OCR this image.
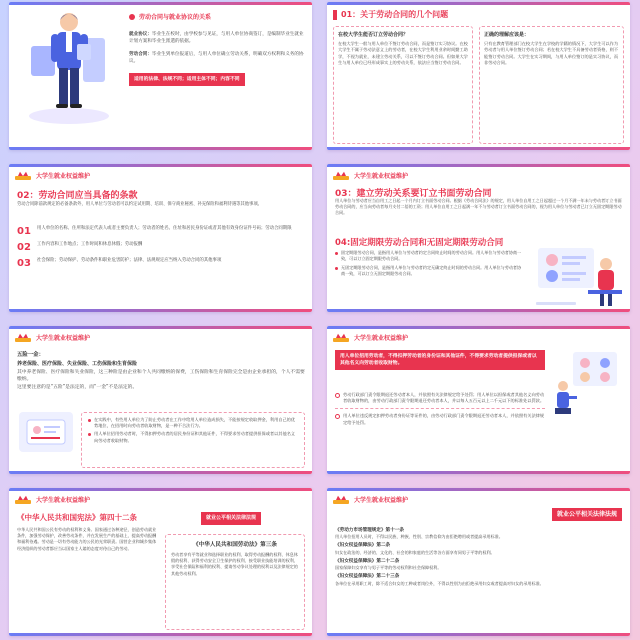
劳动合同与就业协议的关系
就业协议：毕业生在校时，由学校参与见证，与用人单位协商签订，是编制毕业生就业计划方案和毕业生派遣的依据。
劳动合同：毕业生到单位报道后，与用人单位确立劳动关系，明确双方权利和义务的协议。
适用的法律、法规不同；适用主体不同；内容不同
01：关于劳动合同的几个问题
在校大学生能否订立劳动合同？
在校大学生一般与用人单位不签订劳动合同，而是签订实习协议。在校大学生不属于劳动法意义上的劳动者，在校大学生利用业余时间勤工助学，不视为就业，未建立劳动关系，可以不签订劳动合同。但如果大学生与用人单位已经形成事实上的劳动关系，依法应当签订劳动合同。
正确的理解应该是：
只有在教育管理部门在校大学生在学校的学籍的情况下，大学生可以作为劳动者与用人单位签订劳动合同；若在校大学生不具备劳动者资格，则不能签订劳动合同。大学生在实习期间，与用人单位签订的是实习协议，而非劳动合同。
大学生就业权益维护
02：劳动合同应当具备的条款
劳动合同除前款规定的必备条款外，用人单位与劳动者可以约定试用期、培训、保守商业秘密、补充保险和福利待遇等其他事项。
01 用人单位的名称、住所和法定代表人或者主要负责人；劳动者的姓名、住址和居民身份证或者其他有效身份证件号码；劳动合同期限
02 工作内容和工作地点；工作时间和休息休假；劳动报酬
03 社会保险；劳动保护、劳动条件和职业危害防护；法律、法规规定应当纳入劳动合同的其他事项
大学生就业权益维护
03：建立劳动关系要订立书面劳动合同
用人单位与劳动者应当自用工之日起一个月内订立书面劳动合同。根据《劳动合同法》的规定，用人单位自用工之日起超过一个月不满一年未与劳动者订立书面劳动合同的，应当向劳动者每月支付二倍的工资；用人单位自用工之日起满一年不与劳动者订立书面劳动合同的，视为用人单位与劳动者已订立无固定期限劳动合同。
04:固定期限劳动合同和无固定期限劳动合同
固定期限劳动合同，是指用人单位与劳动者约定合同终止时间的劳动合同。用人单位与劳动者协商一致，可以订立固定期限劳动合同。
无固定期限劳动合同，是指用人单位与劳动者约定无确定终止时间的劳动合同。用人单位与劳动者协商一致，可以订立无固定期限劳动合同。
大学生就业权益维护
五险一金：
养老保险、医疗保险、失业保险、工伤保险和生育保险
其中养老保险、医疗保险和失业保险，这三种险是由企业和个人共同缴纳的保费，工伤保险和生育保险完全是由企业承担的，个人不需要缴纳。
这里要注意的是“五险”是法定的，而“一金”不是法定的。
在实践中，有些用人单位为了防止劳动者在工作中给用人单位造成损失，不能按规定收取押金，利用自己的优势地位，在招用时向劳动者收取财物，是一种不合法行为。
用人单位招用劳动者时，不得扣押劳动者的居民身份证和其他证件，不得要求劳动者提供担保或者以其他名义向劳动者收取财物。
大学生就业权益维护
用人单位招用劳动者，不得扣押劳动者的身份证和其他证件，不得要求劳动者提供担保或者以其他名义向劳动者收取财物。
劳动行政部门责令限期退还劳动者本人，并依照有关法律规定给予处罚；用人单位以担保或者其他名义向劳动者收取财物的，由劳动行政部门责令限期退还劳动者本人，并以每人五百元以上二千元以下的标准处以罚款。
用人单位违反规定扣押劳动者身份证等证件的，由劳动行政部门责令限期退还劳动者本人，并依照有关法律规定给予处罚。
大学生就业权益维护
《中华人民共和国宪法》第四十二条
中华人民共和国公民有劳动的权利和义务。国家通过各种途径，创造劳动就业条件，加强劳动保护，改善劳动条件，并在发展生产的基础上，提高劳动报酬和福利待遇。劳动是一切有劳动能力的公民的光荣职责。国营企业和城乡集体经济组织的劳动者都应当以国家主人翁的态度对待自己的劳动。
就业公平相关法律法规
《中华人民共和国劳动法》第三条
劳动者享有平等就业和选择职业的权利、取得劳动报酬的权利、休息休假的权利、获得劳动安全卫生保护的权利、接受职业技能培训的权利、享受社会保险和福利的权利、提请劳动争议处理的权利以及法律规定的其他劳动权利。
大学生就业权益维护
就业公平相关法律法规
《劳动力市场管理规定》第十一条
用人单位招用人员时，不得以民族、种族、性别、宗教信仰为由拒绝聘用或者提高录用标准。
《妇女权益保障法》第二条
妇女在政治的、经济的、文化的、社会的和家庭的生活等各方面享有同男子平等的权利。
《妇女权益保障法》第二十二条
国家保障妇女享有与男子平等的劳动权利和社会保障权利。
《妇女权益保障法》第二十三条
各单位在录用职工时，除不适合妇女的工种或者岗位外，不得以性别为由拒绝录用妇女或者提高对妇女的录用标准。
